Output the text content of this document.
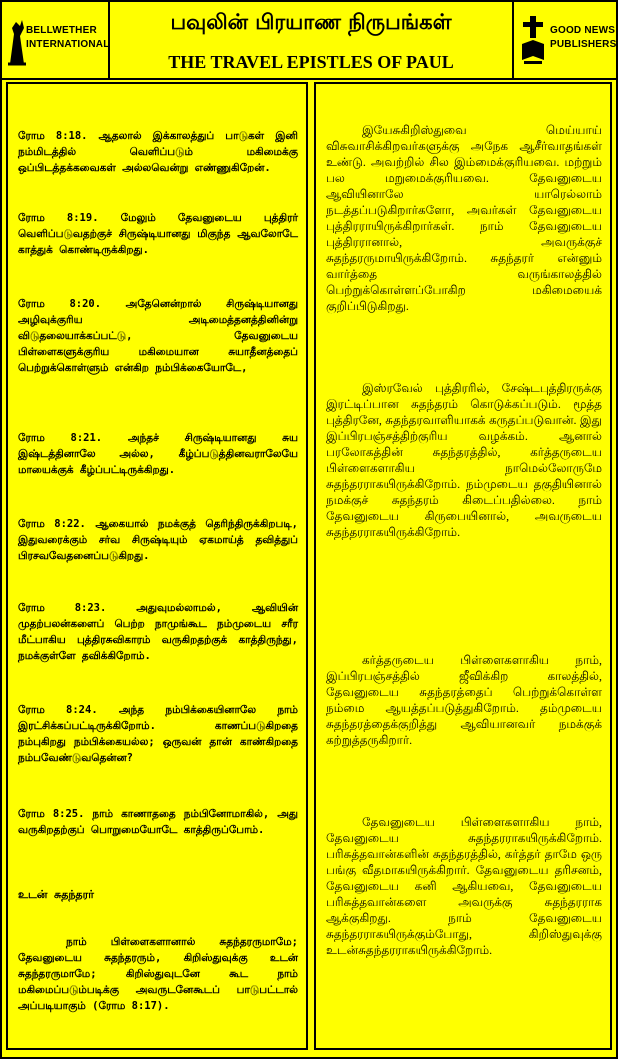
BELLWETHER
INTERNATIONAL
பவுலின் பிரயாண நிருபங்கள்
THE TRAVEL EPISTLES OF PAUL
GOOD NEWS
PUBLISHERS
ரோம 8:18. ஆதலால் இக்காலத்துப் பாடுகள் இனி நம்மிடத்தில் வெளிப்படும் மகிமைக்கு ஒப்பிடத்தக்கவைகள் அல்லவென்று எண்ணுகிறேன்.
ரோம 8:19. மேலும் தேவனுடைய புத்திரர் வெளிப்படுவதற்குச் சிருஷ்டியானது மிகுந்த ஆவலோடே காத்துக் கொண்டிருக்கிறது.
ரோம 8:20. அதேனென்றால் சிருஷ்டியானது அழிவுக்குரிய அடிமைத்தனத்தினின்று விடுதலையாக்கப்பட்டு, தேவனுடைய பிள்ளைகளுக்குரிய மகிமையான சுயாதீனத்தைப் பெற்றுக்கொள்ளும் என்கிற நம்பிக்கையோடே,
ரோம 8:21. அந்தச் சிருஷ்டியானது சுய இஷ்டத்தினாலே அல்ல, கீழ்ப்படுத்தினவராலேயே மாயைக்குக் கீழ்ப்பட்டிருக்கிறது.
ரோம 8:22. ஆகையால் நமக்குத் தெரிந்திருக்கிறபடி, இதுவரைக்கும் சர்வ சிருஷ்டியும் ஏகமாய்த் தவித்துப் பிரசவவேதனைப்படுகிறது.
ரோம 8:23. அதுவுமல்லாமல், ஆவியின் முதற்பலன்களைப் பெற்ற நாமுங்கூட நம்முடைய சரீர மீட்பாகிய புத்திரசுவிகாரம் வருகிறதற்குக் காத்திருந்து, நமக்குள்ளே தவிக்கிறோம்.
ரோம 8:24. அந்த நம்பிக்கையினாலே நாம் இரட்சிக்கப்பட்டிருக்கிறோம். காணப்படுகிறதை நம்புகிறது நம்பிக்கையல்ல; ஒருவன் தான் காண்கிறதை நம்பவேண்டுவதென்ன?
ரோம 8:25. நாம் காணாததை நம்பினோமாகில், அது வருகிறதற்குப் பொறுமையோடே காத்திருப்போம்.
உடன் சுதந்தரர்
நாம் பிள்ளைகளானால் சுதந்தரருமாமே; தேவனுடைய சுதந்தரரும், கிறிஸ்துவுக்கு உடன் சுதந்தரருமாமே; கிறிஸ்துவுடனே கூட நாம் மகிமைப்படும்படிக்கு அவருடனேகூடப் பாடுபட்டால் அப்படியாகும் (ரோம 8:17).
இயேசுகிறிஸ்துவை மெய்யாய் விசுவாசிக்கிறவர்களுக்கு அநேக ஆசீர்வாதங்கள் உண்டு. அவற்றில் சில இம்மைக்குரியவை. மற்றும் பல மறுமைக்குரியவை. தேவனுடைய ஆவியினாலே யாரெல்லாம் நடத்தப்படுகிறார்களோ, அவர்கள் தேவனுடைய புத்திரராயிருக்கிறார்கள். நாம் தேவனுடைய புத்திரரானால், அவருக்குச் சுதந்தரருமாயிருக்கிறோம். சுதந்தரர் என்னும் வார்த்தை வருங்காலத்தில் பெற்றுக்கொள்ளப்போகிற மகிமையைக் குறிப்பிடுகிறது.
இஸ்ரவேல் புத்திரரில், சேஷ்டபுத்திரருக்கு இரட்டிப்பான சுதந்தரம் கொடுக்கப்படும். மூத்த புத்திரனே, சுதந்தரவாளியாகக் கருதப்படுவான். இது இப்பிரபஞ்சத்திற்குரிய வழக்கம். ஆனால் பரலோகத்தின் சுதந்தரத்தில், கர்த்தருடைய பிள்ளைகளாகிய நாமெல்லோருமே சுதந்தரராகயிருக்கிறோம். நம்முடைய தகுதியினால் நமக்குச் சுதந்தரம் கிடைப்பதில்லை. நாம் தேவனுடைய கிருபையினால், அவருடைய சுதந்தரராகயிருக்கிறோம்.
கர்த்தருடைய பிள்ளைகளாகிய நாம், இப்பிரபஞ்சத்தில் ஜீவிக்கிற காலத்தில், தேவனுடைய சுதந்தரத்தைப் பெற்றுக்கொள்ள நம்மை ஆயத்தப்படுத்துகிறோம். தம்முடைய சுதந்தரத்தைக்குறித்து ஆவியானவர் நமக்குக் கற்றுத்தருகிறார்.
தேவனுடைய பிள்ளைகளாகிய நாம், தேவனுடைய சுதந்தரராகயிருக்கிறோம். பரிசுத்தவான்களின் சுதந்தரத்தில், கர்த்தர் தாமே ஒரு பங்கு வீதமாகயிருக்கிறார். தேவனுடைய தரிசனம், தேவனுடைய கனி ஆகியவை, தேவனுடைய பரிசுத்தவான்களை அவருக்கு சுதந்தரராக ஆக்குகிறது. நாம் தேவனுடைய சுதந்தரராகயிருக்கும்போது, கிறிஸ்துவுக்கு உடன்சுதந்தரராகயிருக்கிறோம்.
